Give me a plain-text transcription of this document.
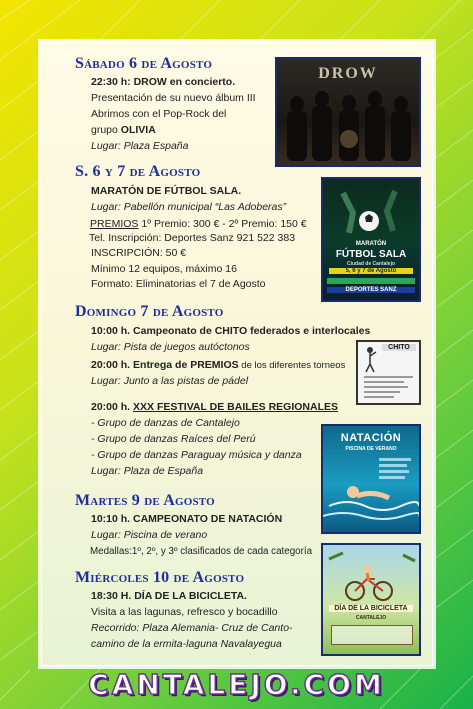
Sábado 6 de Agosto
22:30 h: DROW en concierto.
Presentación de su nuevo álbum III
Abrimos con el Pop-Rock del
grupo OLIVIA
Lugar: Plaza España
DROW
S. 6 y 7 de Agosto
MARATÓN DE FÚTBOL SALA.
Lugar: Pabellón municipal “Las Adoberas”
PREMIOS 1º Premio: 300 € - 2º Premio: 150 €
Tel. Inscripción: Deportes Sanz 921 522 383
INSCRIPCIÓN: 50 €
Mínimo 12 equipos, máximo 16
Formato: Eliminatorias el 7 de Agosto
MARATÓN
FÚTBOL SALA
Ciudad de Cantalejo
5, 6 y 7 de Agosto
DEPORTES SANZ
Domingo 7 de Agosto
10:00 h. Campeonato de CHITO federados e interlocales
Lugar: Pista de juegos autóctonos
20:00 h. Entrega de PREMIOS de los diferentes torneos
Lugar: Junto a las pistas de pádel
CHITO
20:00 h. XXX FESTIVAL DE BAILES REGIONALES
- Grupo de danzas de Cantalejo
- Grupo de danzas Raíces del Perú
- Grupo de danzas Paraguay música y danza
Lugar: Plaza de España
NATACIÓN
PISCINA DE VERANO
Martes 9 de Agosto
10:10 h. CAMPEONATO DE NATACIÓN
Lugar: Piscina de verano
Medallas:1º, 2º, y 3º clasificados de cada categoría
Miércoles 10 de Agosto
18:30 H. DÍA DE LA BICICLETA.
Visita a las lagunas, refresco y bocadillo
Recorrido: Plaza Alemania- Cruz de Canto-
camino de la ermita-laguna Navalayegua
DÍA DE LA BICICLETA
CANTALEJO
CANTALEJO.COM
